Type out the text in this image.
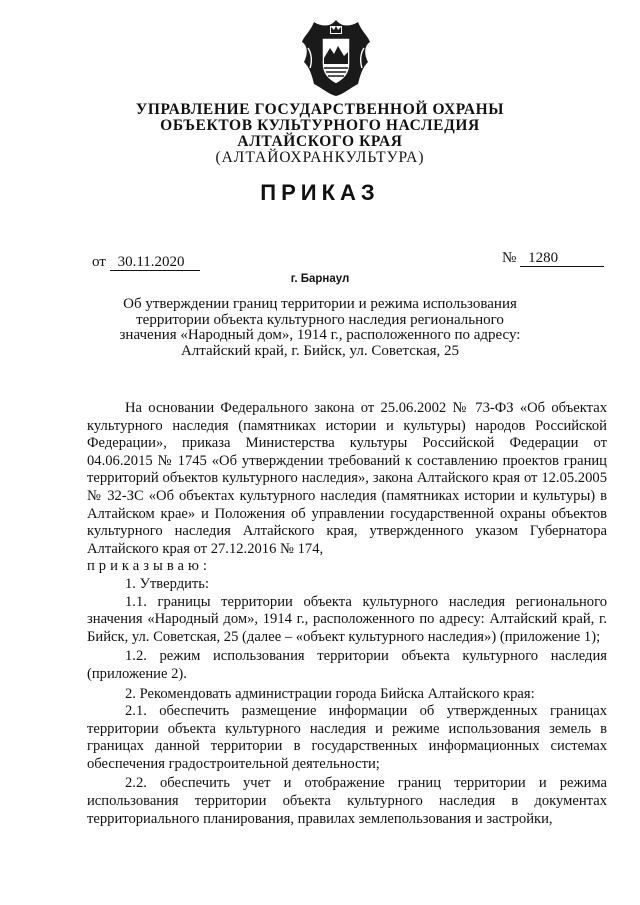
УПРАВЛЕНИЕ ГОСУДАРСТВЕННОЙ ОХРАНЫ
ОБЪЕКТОВ КУЛЬТУРНОГО НАСЛЕДИЯ
АЛТАЙСКОГО КРАЯ
(АЛТАЙОХРАНКУЛЬТУРА)
ПРИКАЗ
от 30.11.2020	№ 1280
г. Барнаул
Об утверждении границ территории и режима использования
территории объекта культурного наследия регионального
значения «Народный дом», 1914 г., расположенного по адресу:
Алтайский край, г. Бийск, ул. Советская, 25

На основании Федерального закона от 25.06.2002 № 73-ФЗ «Об объектах культурного наследия (памятниках истории и культуры) народов Российской Федерации», приказа Министерства культуры Российской Федерации от 04.06.2015 № 1745 «Об утверждении требований к составлению проектов границ территорий объектов культурного наследия», закона Алтайского края от 12.05.2005 № 32-ЗС «Об объектах культурного наследия (памятниках истории и культуры) в Алтайском крае» и Положения об управлении государственной охраны объектов культурного наследия Алтайского края, утвержденного указом Губернатора Алтайского края от 27.12.2016 № 174,

приказываю:

1. Утвердить:

1.1. границы территории объекта культурного наследия регионального значения «Народный дом», 1914 г., расположенного по адресу: Алтайский край, г. Бийск, ул. Советская, 25 (далее – «объект культурного наследия») (приложение 1);

1.2. режим использования территории объекта культурного наследия (приложение 2).

2. Рекомендовать администрации города Бийска Алтайского края:

2.1. обеспечить размещение информации об утвержденных границах территории объекта культурного наследия и режиме использования земель в границах данной территории в государственных информационных системах обеспечения градостроительной деятельности;

2.2. обеспечить учет и отображение границ территории и режима использования территории объекта культурного наследия в документах территориального планирования, правилах землепользования и застройки,
